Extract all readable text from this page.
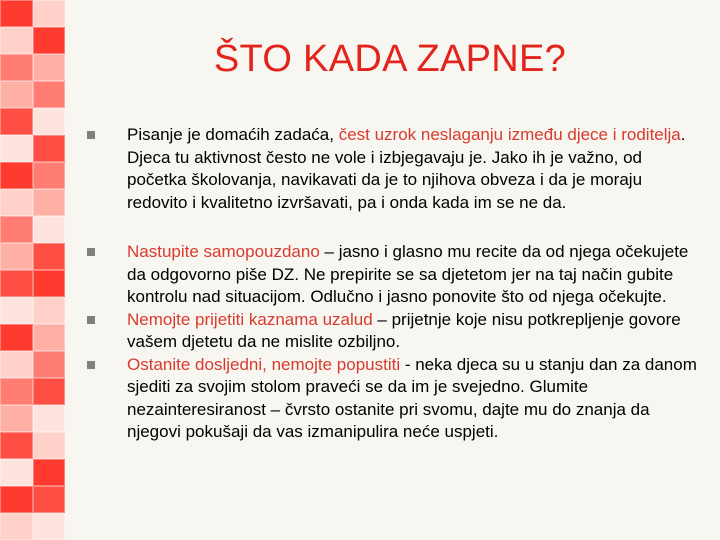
ŠTO KADA ZAPNE?

Pisanje je domaćih zadaća, čest uzrok neslaganju između djece i roditelja. Djeca tu aktivnost često ne vole i izbjegavaju je. Jako ih je važno, od početka školovanja, navikavati da je to njihova obveza i da je moraju redovito i kvalitetno izvršavati, pa i onda kada im se ne da.

Nastupite samopouzdano – jasno i glasno mu recite da od njega očekujete da odgovorno piše DZ. Ne prepirite se sa djetetom jer na taj način gubite kontrolu nad situacijom. Odlučno i jasno ponovite što od njega očekujte.

Nemojte prijetiti kaznama uzalud – prijetnje koje nisu potkrepljenje govore vašem djetetu da ne mislite ozbiljno.

Ostanite dosljedni, nemojte popustiti - neka djeca su u stanju dan za danom sjediti za svojim stolom praveći se da im je svejedno. Glumite nezainteresiranost – čvrsto ostanite pri svomu, dajte mu do znanja da njegovi pokušaji da vas izmanipulira neće uspjeti.
